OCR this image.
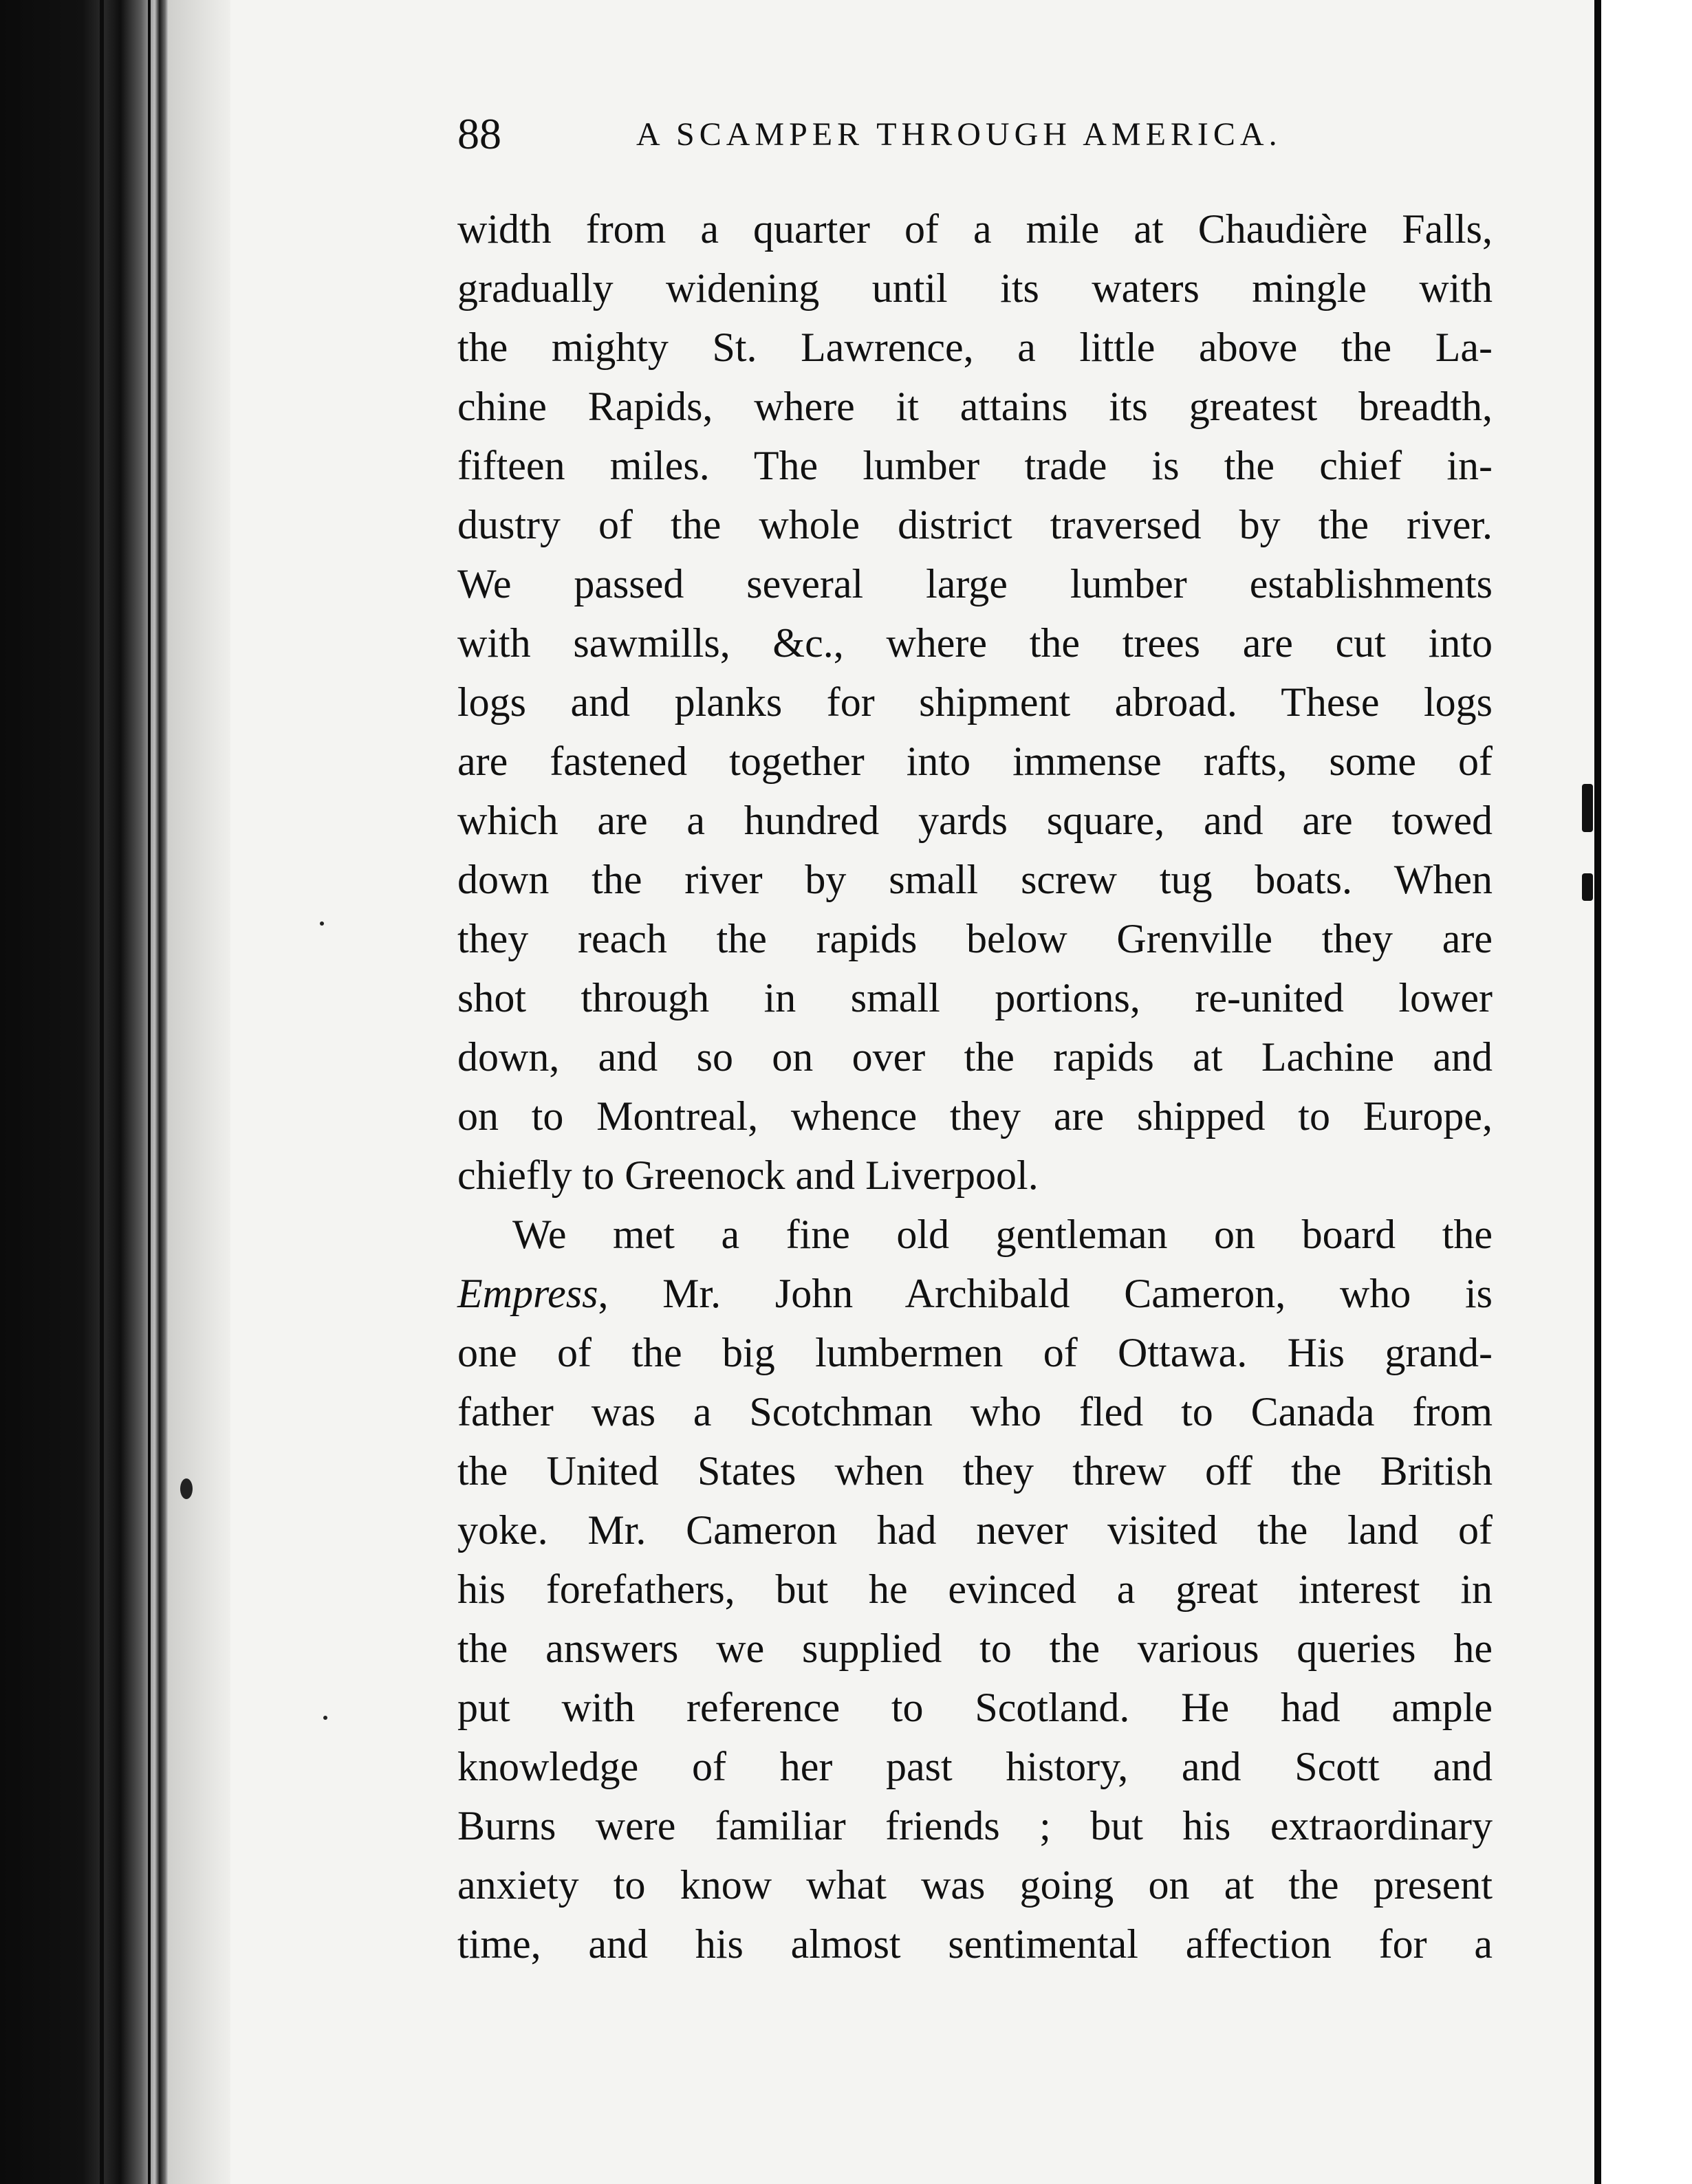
88	A SCAMPER THROUGH AMERICA.
width from a quarter of a mile at Chaudière Falls,
gradually widening until its waters mingle with
the mighty St. Lawrence, a little above the La-
chine Rapids, where it attains its greatest breadth,
fifteen miles. The lumber trade is the chief in-
dustry of the whole district traversed by the river.
We passed several large lumber establishments
with sawmills, &c., where the trees are cut into
logs and planks for shipment abroad. These logs
are fastened together into immense rafts, some of
which are a hundred yards square, and are towed
down the river by small screw tug boats. When
they reach the rapids below Grenville they are
shot through in small portions, re-united lower
down, and so on over the rapids at Lachine and
on to Montreal, whence they are shipped to Europe,
chiefly to Greenock and Liverpool.
We met a fine old gentleman on board the
Empress, Mr. John Archibald Cameron, who is
one of the big lumbermen of Ottawa. His grand-
father was a Scotchman who fled to Canada from
the United States when they threw off the British
yoke. Mr. Cameron had never visited the land of
his forefathers, but he evinced a great interest in
the answers we supplied to the various queries he
put with reference to Scotland. He had ample
knowledge of her past history, and Scott and
Burns were familiar friends ; but his extraordinary
anxiety to know what was going on at the present
time, and his almost sentimental affection for a
